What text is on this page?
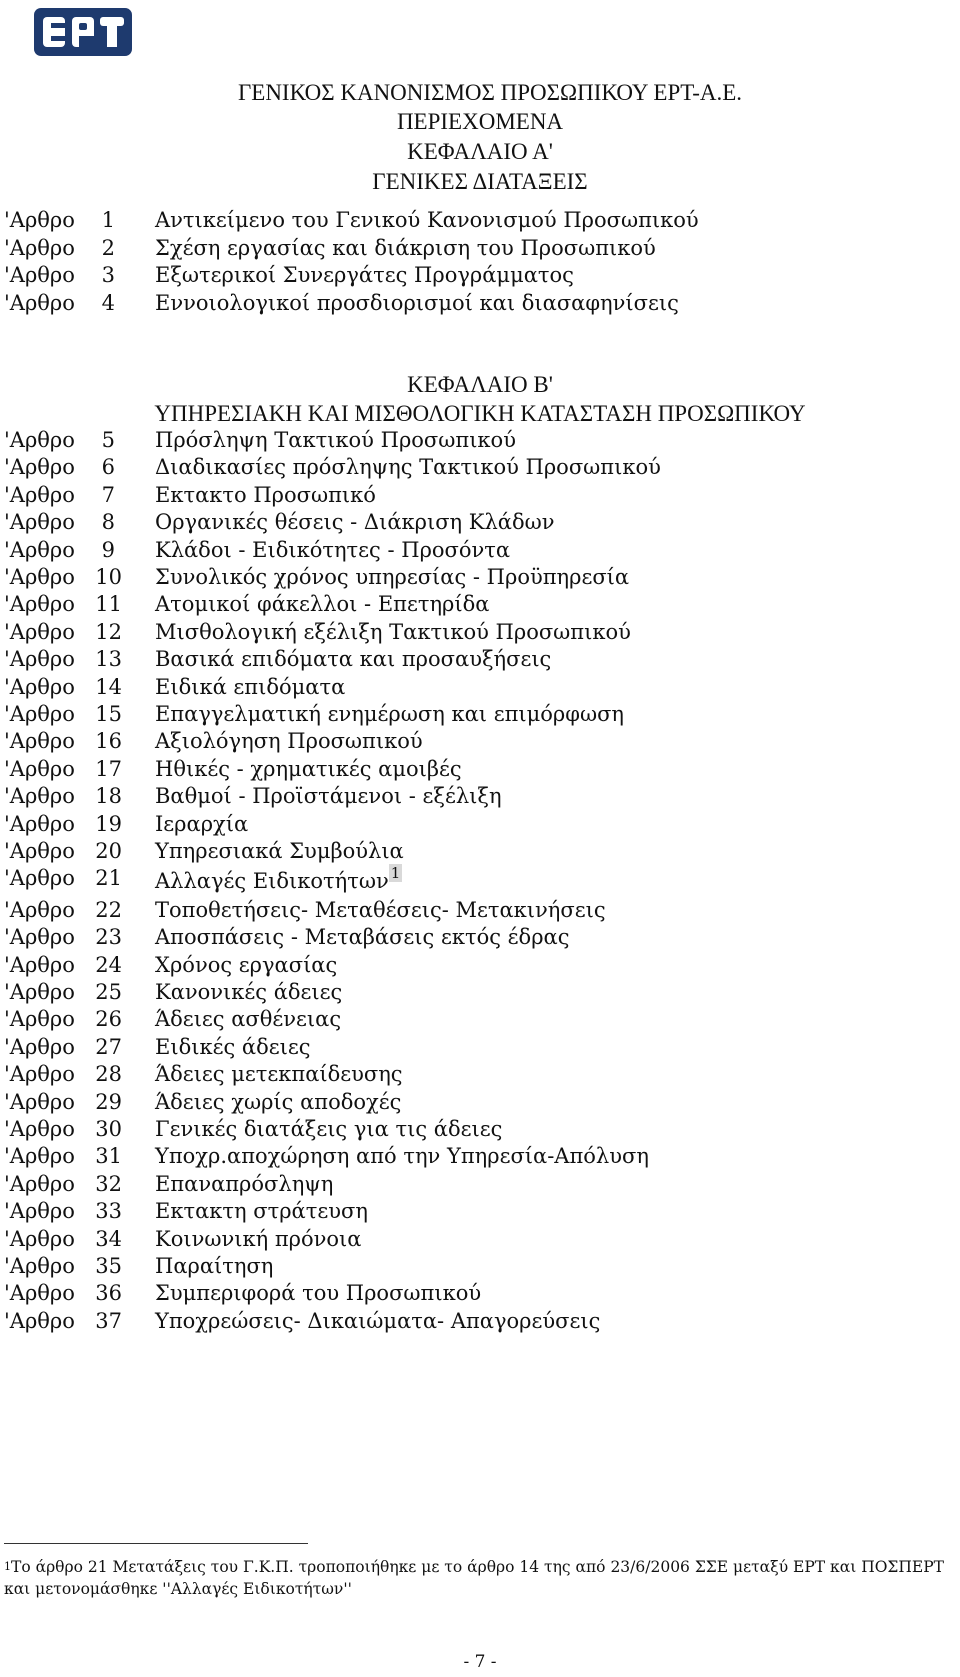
ΓΕΝΙΚΟΣ ΚΑΝΟΝΙΣΜΟΣ ΠΡΟΣΩΠΙΚΟΥ ΕΡΤ-Α.Ε.
ΠΕΡΙΕΧΟΜΕΝΑ
ΚΕΦΑΛΑΙΟ Α'
ΓΕΝΙΚΕΣ ΔΙΑΤΑΞΕΙΣ
'Αρθρο	1 Αντικείμενο του Γενικού Κανονισμού Προσωπικού
'Αρθρο	2 Σχέση εργασίας και διάκριση του Προσωπικού
'Αρθρο	3 Εξωτερικοί Συνεργάτες Προγράμματος
'Αρθρο	4 Εννοιολογικοί προσδιορισμοί και διασαφηνίσεις
ΚΕΦΑΛΑΙΟ Β'
ΥΠΗΡΕΣΙΑΚΗ ΚΑΙ ΜΙΣΘΟΛΟΓΙΚΗ ΚΑΤΑΣΤΑΣΗ ΠΡΟΣΩΠΙΚΟΥ
'Αρθρο	5 Πρόσληψη Τακτικού Προσωπικού
'Αρθρο	6 Διαδικασίες πρόσληψης Τακτικού Προσωπικού
'Αρθρο	7 Εκτακτο Προσωπικό
'Αρθρο	8 Οργανικές θέσεις - Διάκριση Κλάδων
'Αρθρο	9 Κλάδοι - Ειδικότητες - Προσόντα
'Αρθρο 10 Συνολικός χρόνος υπηρεσίας - Προϋπηρεσία
'Αρθρο 11 Ατομικοί φάκελλοι - Επετηρίδα
'Αρθρο 12 Μισθολογική εξέλιξη Τακτικού Προσωπικού
'Αρθρο 13 Βασικά επιδόματα και προσαυξήσεις
'Αρθρο 14 Ειδικά επιδόματα
'Αρθρο 15 Επαγγελματική ενημέρωση και επιμόρφωση
'Αρθρο 16 Αξιολόγηση Προσωπικού
'Αρθρο 17 Ηθικές - χρηματικές αμοιβές
'Αρθρο 18 Βαθμοί - Προϊστάμενοι - εξέλιξη
'Αρθρο 19 Ιεραρχία
'Αρθρο 20 Υπηρεσιακά Συμβούλια
'Αρθρο 21 Αλλαγές Ειδικοτήτων $^1$
'Αρθρο 22 Τοποθετήσεις- Μεταθέσεις- Μετακινήσεις
'Αρθρο 23 Αποσπάσεις - Μεταβάσεις εκτός έδρας
'Αρθρο 24 Χρόνος εργασίας
'Αρθρο 25 Κανονικές άδειες
'Αρθρο 26 Άδειες ασθένειας
'Αρθρο 27 Ειδικές άδειες
'Αρθρο 28 Άδειες μετεκπαίδευσης
'Αρθρο 29 Άδειες χωρίς αποδοχές
'Αρθρο 30 Γενικές διατάξεις για τις άδειες
'Αρθρο 31 Υποχρ.αποχώρηση από την Υπηρεσία-Απόλυση
'Αρθρο 32 Επαναπρόσληψη
'Αρθρο 33 Εκτακτη στράτευση
'Αρθρο 34 Κοινωνική πρόνοια
'Αρθρο 35 Παραίτηση
'Αρθρο 36 Συμπεριφορά του Προσωπικού
'Αρθρο 37 Υποχρεώσεις- Δικαιώματα- Απαγορεύσεις
$^1$Το άρθρο 21 Μετατάξεις του Γ.Κ.Π. τροποποιήθηκε με το άρθρο 14 της από 23/6/2006 ΣΣΕ μεταξύ ΕΡΤ και ΠΟΣΠΕΡΤ και μετονομάσθηκε ''Αλλαγές Ειδικοτήτων''
- 7 -
